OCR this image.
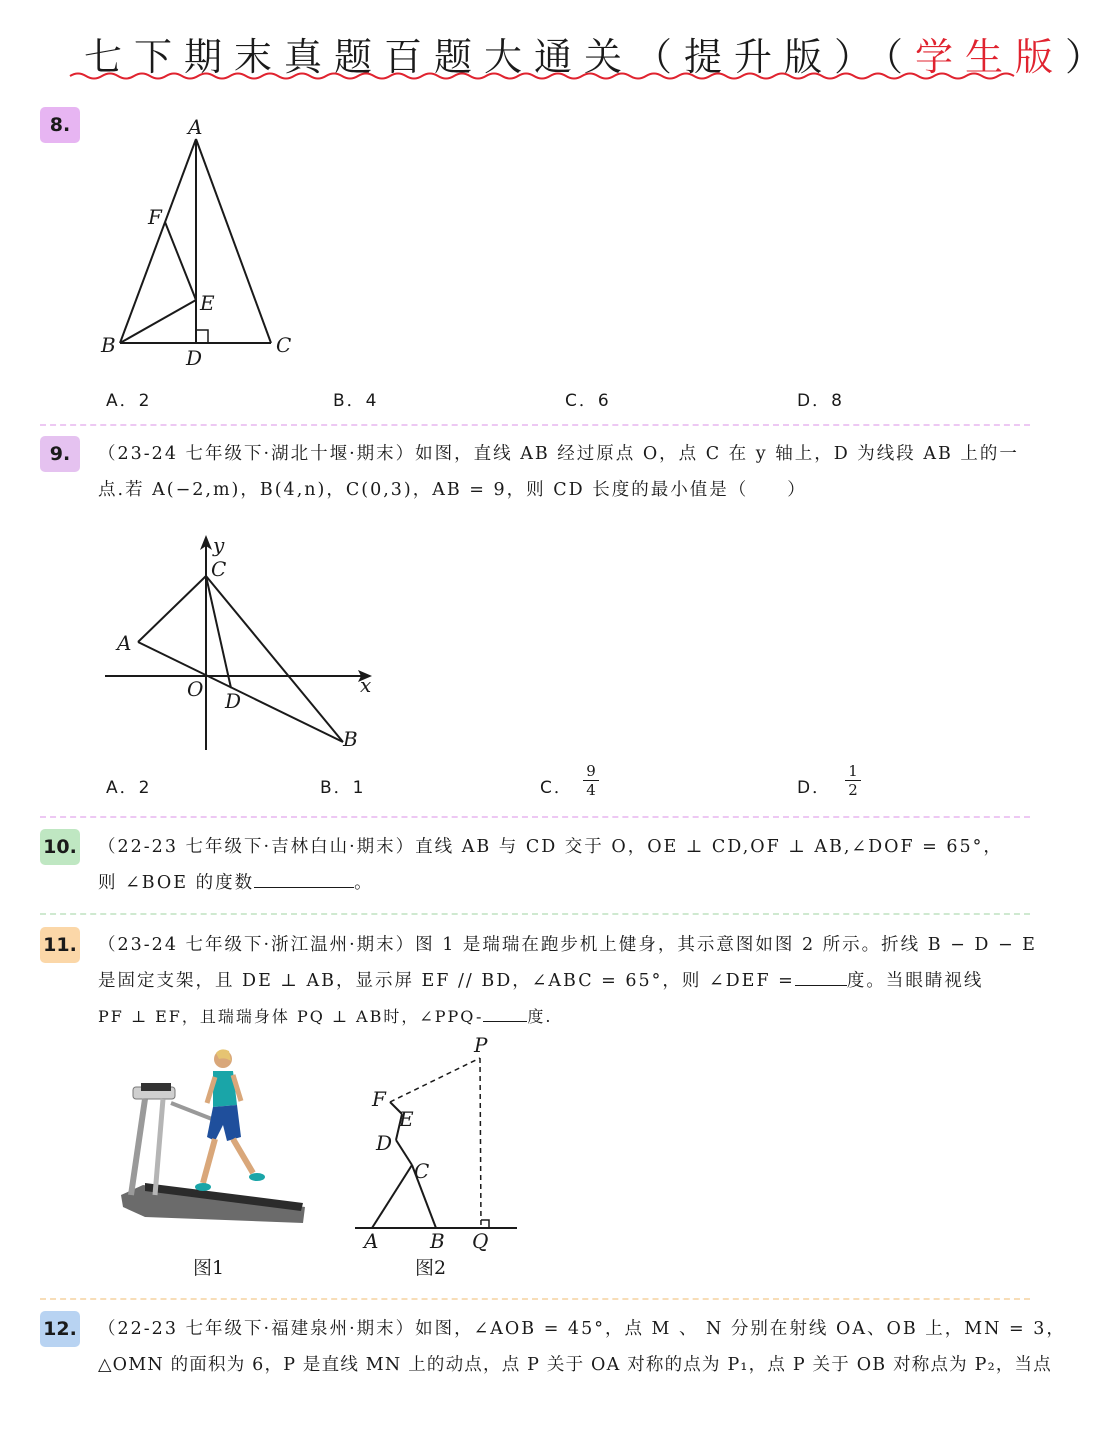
七下期末真题百题大通关（提升版）（学生版）
8.	A
F
E
B
D
C
A．2	B．4	C．6	D．8
9.	（23-24 七年级下·湖北十堰·期末）如图，直线 AB 经过原点 O，点 C 在 y 轴上，D 为线段 AB 上的一
点.若 A(−2,m)，B(4,n)，C(0,3)，AB = 9，则 CD 长度的最小值是（　　）
y
C
A
O D
x
B
A．2	B．1	C． $\frac{9}{4}$	D． $\frac{1}{2}$
10. （22-23 七年级下·吉林白山·期末）直线 AB 与 CD 交于 O，OE ⊥ CD,OF ⊥ AB,∠DOF = 65°，
则 ∠BOE 的度数	。
11. （23-24 七年级下·浙江温州·期末）图 1 是瑞瑞在跑步机上健身，其示意图如图 2 所示。折线 B − D − E
是固定支架，且 DE ⊥ AB，显示屏 EF // BD，∠ABC = 65°，则 ∠DEF =	度。当眼睛视线
PF ⊥ EF，且瑞瑞身体 PQ ⊥ AB时，∠PPQ-	度.
图1
P
F
E
D
C
A	B Q
图2
12. （22-23 七年级下·福建泉州·期末）如图，∠AOB = 45°，点 M 、 N 分别在射线 OA、OB 上，MN = 3，
△OMN 的面积为 6，P 是直线 MN 上的动点，点 P 关于 OA 对称的点为 P₁，点 P 关于 OB 对称点为 P₂，当点
